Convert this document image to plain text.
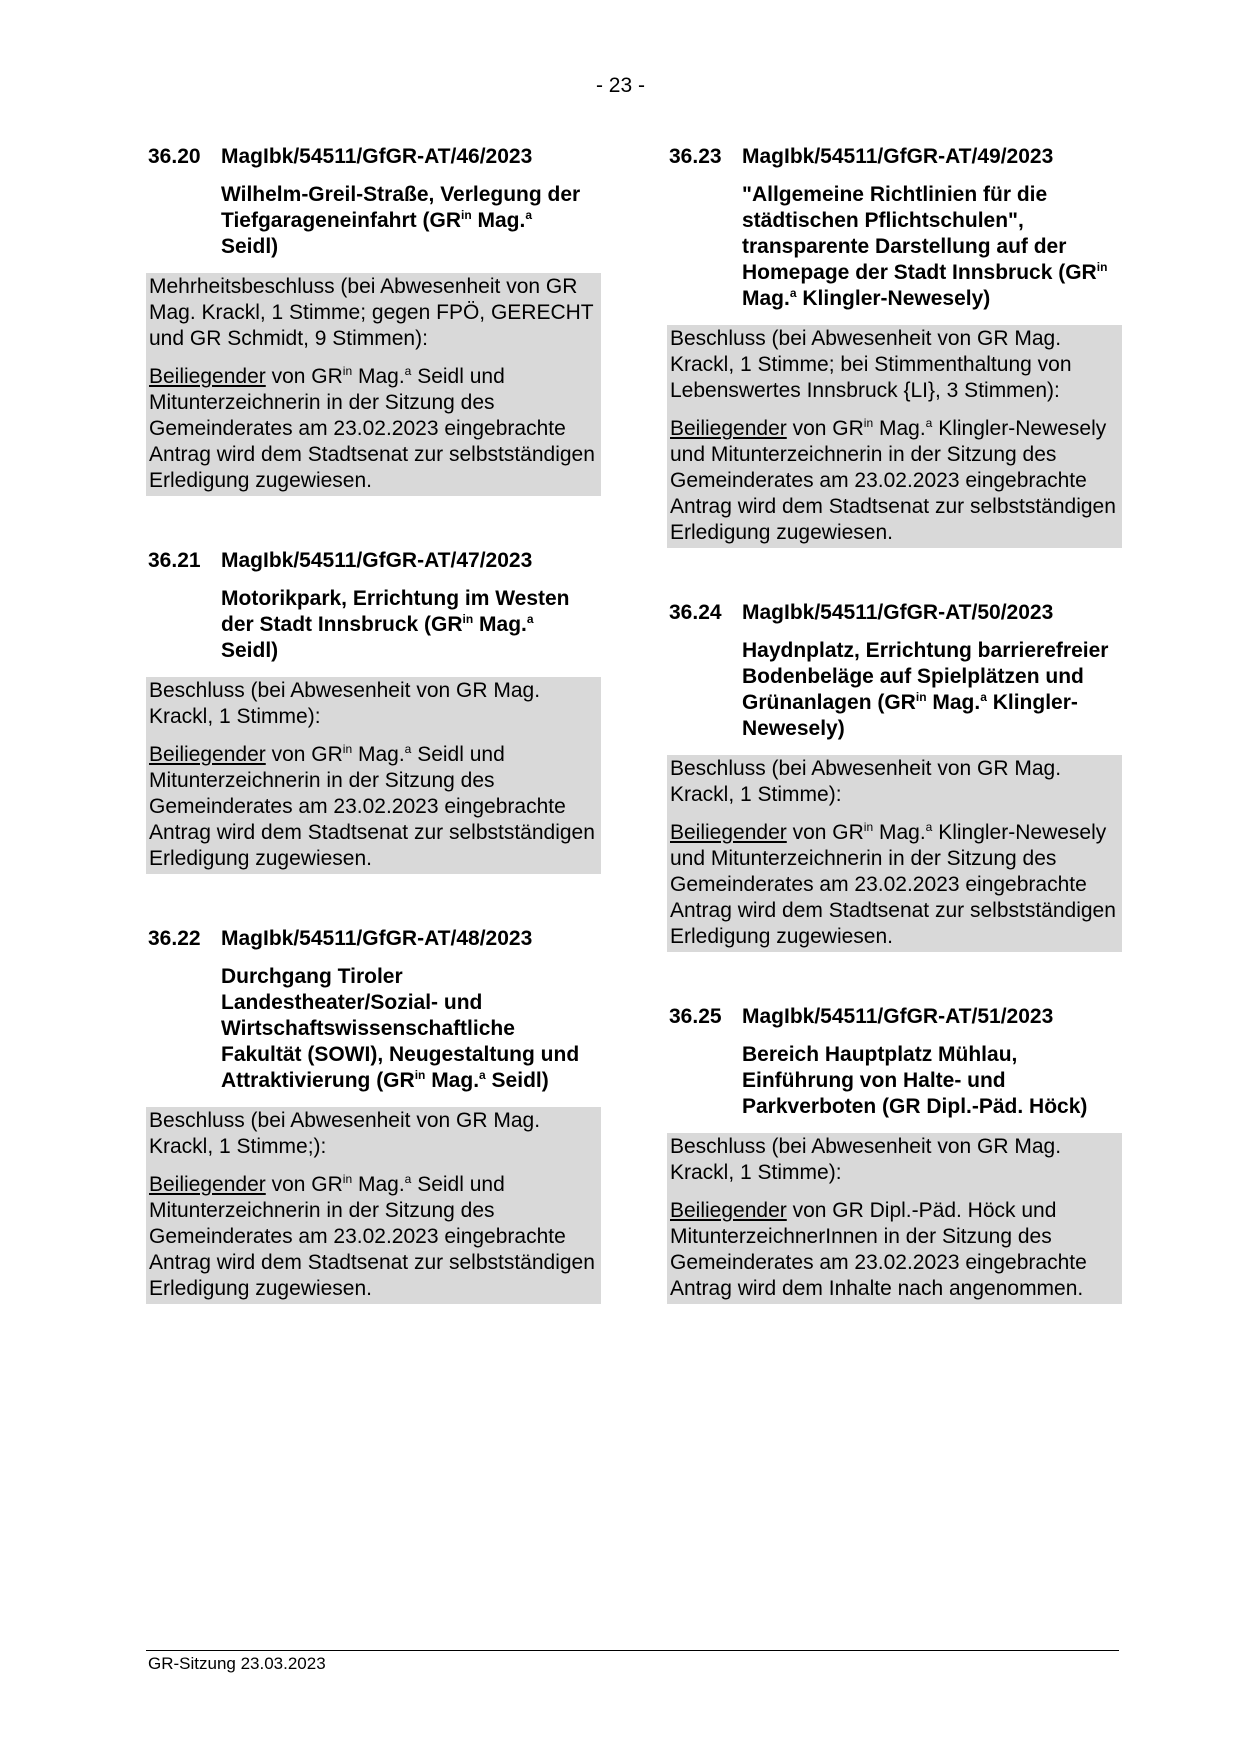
- 23 -
36.20 MagIbk/54511/GfGR-AT/46/2023
Wilhelm-Greil-Straße, Verlegung der Tiefgarageneinfahrt ($GR^{in}$ Mag.$^a$ Seidl)

Mehrheitsbeschluss (bei Abwesenheit von GR Mag. Krackl, 1 Stimme; gegen FPÖ, GERECHT und GR Schmidt, 9 Stimmen):

Beiliegender von $GR^{in}$ Mag.$^a$ Seidl und Mitunterzeichnerin in der Sitzung des Gemeinderates am 23.02.2023 eingebrachte Antrag wird dem Stadtsenat zur selbstständigen Erledigung zugewiesen.

36.21 MagIbk/54511/GfGR-AT/47/2023
Motorikpark, Errichtung im Westen der Stadt Innsbruck ($GR^{in}$ Mag.$^a$ Seidl)

Beschluss (bei Abwesenheit von GR Mag. Krackl, 1 Stimme):

Beiliegender von $GR^{in}$ Mag.$^a$ Seidl und Mitunterzeichnerin in der Sitzung des Gemeinderates am 23.02.2023 eingebrachte Antrag wird dem Stadtsenat zur selbstständigen Erledigung zugewiesen.

36.22 MagIbk/54511/GfGR-AT/48/2023
Durchgang Tiroler Landestheater/Sozial- und Wirtschaftswissenschaftliche Fakultät (SOWI), Neugestaltung und Attraktivierung ($GR^{in}$ Mag.$^a$ Seidl)

Beschluss (bei Abwesenheit von GR Mag. Krackl, 1 Stimme;):

Beiliegender von $GR^{in}$ Mag.$^a$ Seidl und Mitunterzeichnerin in der Sitzung des Gemeinderates am 23.02.2023 eingebrachte Antrag wird dem Stadtsenat zur selbstständigen Erledigung zugewiesen.

36.23 MagIbk/54511/GfGR-AT/49/2023
"Allgemeine Richtlinien für die städtischen Pflichtschulen", transparente Darstellung auf der Homepage der Stadt Innsbruck ($GR^{in}$ Mag.$^a$ Klingler-Newesely)

Beschluss (bei Abwesenheit von GR Mag. Krackl, 1 Stimme; bei Stimmenthaltung von Lebenswertes Innsbruck {LI}, 3 Stimmen):

Beiliegender von $GR^{in}$ Mag.$^a$ Klingler-Newesely und Mitunterzeichnerin in der Sitzung des Gemeinderates am 23.02.2023 eingebrachte Antrag wird dem Stadtsenat zur selbstständigen Erledigung zugewiesen.

36.24 MagIbk/54511/GfGR-AT/50/2023
Haydnplatz, Errichtung barrierefreier Bodenbeläge auf Spielplätzen und Grünanlagen ($GR^{in}$ Mag.$^a$ Klingler-Newesely)

Beschluss (bei Abwesenheit von GR Mag. Krackl, 1 Stimme):

Beiliegender von $GR^{in}$ Mag.$^a$ Klingler-Newesely und Mitunterzeichnerin in der Sitzung des Gemeinderates am 23.02.2023 eingebrachte Antrag wird dem Stadtsenat zur selbstständigen Erledigung zugewiesen.

36.25 MagIbk/54511/GfGR-AT/51/2023
Bereich Hauptplatz Mühlau, Einführung von Halte- und Parkverboten (GR Dipl.-Päd. Höck)

Beschluss (bei Abwesenheit von GR Mag. Krackl, 1 Stimme):

Beiliegender von GR Dipl.-Päd. Höck und MitunterzeichnerInnen in der Sitzung des Gemeinderates am 23.02.2023 eingebrachte Antrag wird dem Inhalte nach angenommen.

GR-Sitzung 23.03.2023
